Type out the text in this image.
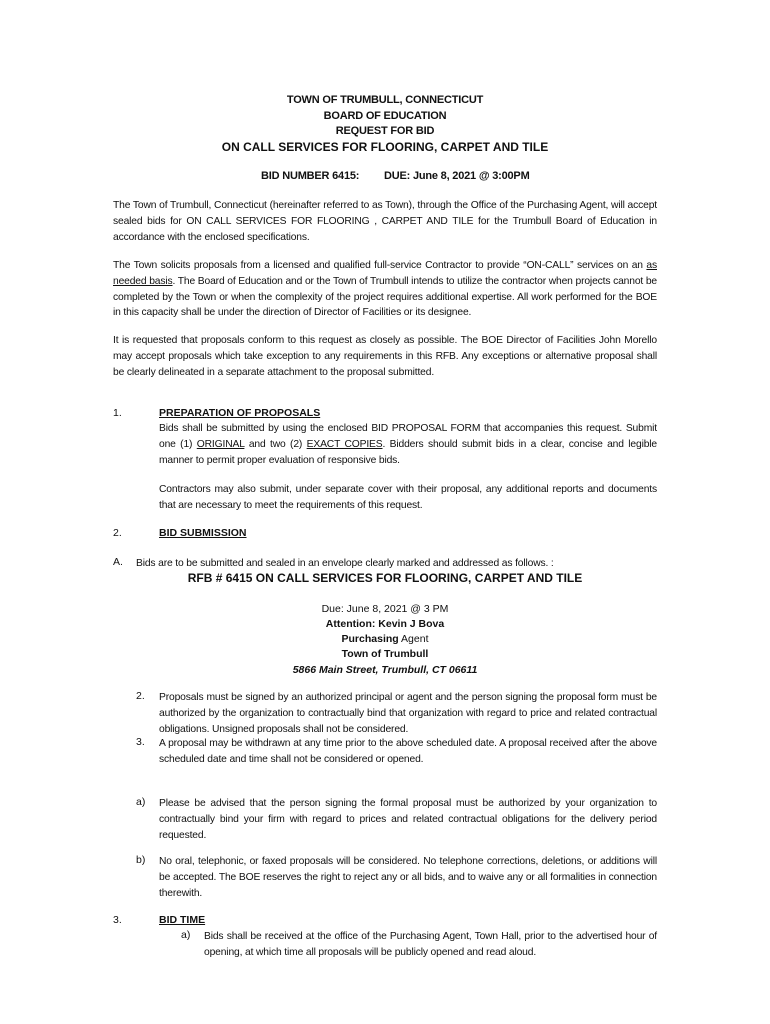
TOWN OF TRUMBULL, CONNECTICUT
BOARD OF EDUCATION
REQUEST FOR BID
ON CALL SERVICES FOR FLOORING, CARPET AND TILE
BID NUMBER 6415: DUE: June 8, 2021 @ 3:00PM
The Town of Trumbull, Connecticut (hereinafter referred to as Town), through the Office of the Purchasing Agent, will accept sealed bids for ON CALL SERVICES FOR FLOORING , CARPET AND TILE for the Trumbull Board of Education in accordance with the enclosed specifications.
The Town solicits proposals from a licensed and qualified full-service Contractor to provide “ON-CALL” services on an as needed basis. The Board of Education and or the Town of Trumbull intends to utilize the contractor when projects cannot be completed by the Town or when the complexity of the project requires additional expertise. All work performed for the BOE in this capacity shall be under the direction of Director of Facilities or its designee.
It is requested that proposals conform to this request as closely as possible. The BOE Director of Facilities John Morello may accept proposals which take exception to any requirements in this RFB. Any exceptions or alternative proposal shall be clearly delineated in a separate attachment to the proposal submitted.
1.	PREPARATION OF PROPOSALS
Bids shall be submitted by using the enclosed BID PROPOSAL FORM that accompanies this request. Submit one (1) ORIGINAL and two (2) EXACT COPIES. Bidders should submit bids in a clear, concise and legible manner to permit proper evaluation of responsive bids.
Contractors may also submit, under separate cover with their proposal, any additional reports and documents that are necessary to meet the requirements of this request.
2.	BID SUBMISSION
A. Bids are to be submitted and sealed in an envelope clearly marked and addressed as follows. :
RFB # 6415 ON CALL SERVICES FOR FLOORING, CARPET AND TILE
Due: June 8, 2021 @ 3 PM
Attention: Kevin J Bova
Purchasing Agent
Town of Trumbull
5866 Main Street, Trumbull, CT 06611
2. Proposals must be signed by an authorized principal or agent and the person signing the proposal form must be authorized by the organization to contractually bind that organization with regard to price and related contractual obligations. Unsigned proposals shall not be considered.
3. A proposal may be withdrawn at any time prior to the above scheduled date. A proposal received after the above scheduled date and time shall not be considered or opened.
a) Please be advised that the person signing the formal proposal must be authorized by your organization to contractually bind your firm with regard to prices and related contractual obligations for the delivery period requested.
b) No oral, telephonic, or faxed proposals will be considered. No telephone corrections, deletions, or additions will be accepted. The BOE reserves the right to reject any or all bids, and to waive any or all formalities in connection therewith.
3.	BID TIME
a) Bids shall be received at the office of the Purchasing Agent, Town Hall, prior to the advertised hour of opening, at which time all proposals will be publicly opened and read aloud.
